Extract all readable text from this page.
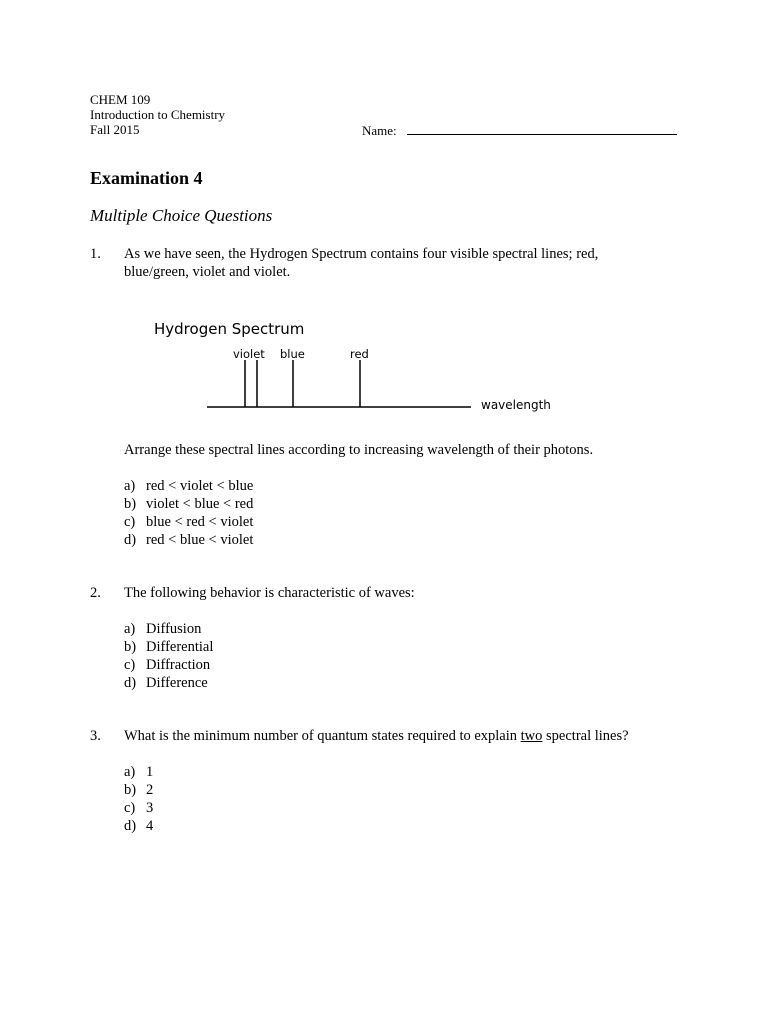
CHEM 109
Introduction to Chemistry
Fall 2015	Name:
Examination 4
Multiple Choice Questions
1. As we have seen, the Hydrogen Spectrum contains four visible spectral lines; red,
blue/green, violet and violet.
Hydrogen Spectrum
violet blue	red
wavelength
Arrange these spectral lines according to increasing wavelength of their photons.
a) red < violet < blue
b) violet < blue < red
c) blue < red < violet
d) red < blue < violet
2. The following behavior is characteristic of waves:
a) Diffusion
b) Differential
c) Diffraction
d) Difference
3. What is the minimum number of quantum states required to explain two spectral lines?
a) 1
b) 2
c) 3
d) 4
